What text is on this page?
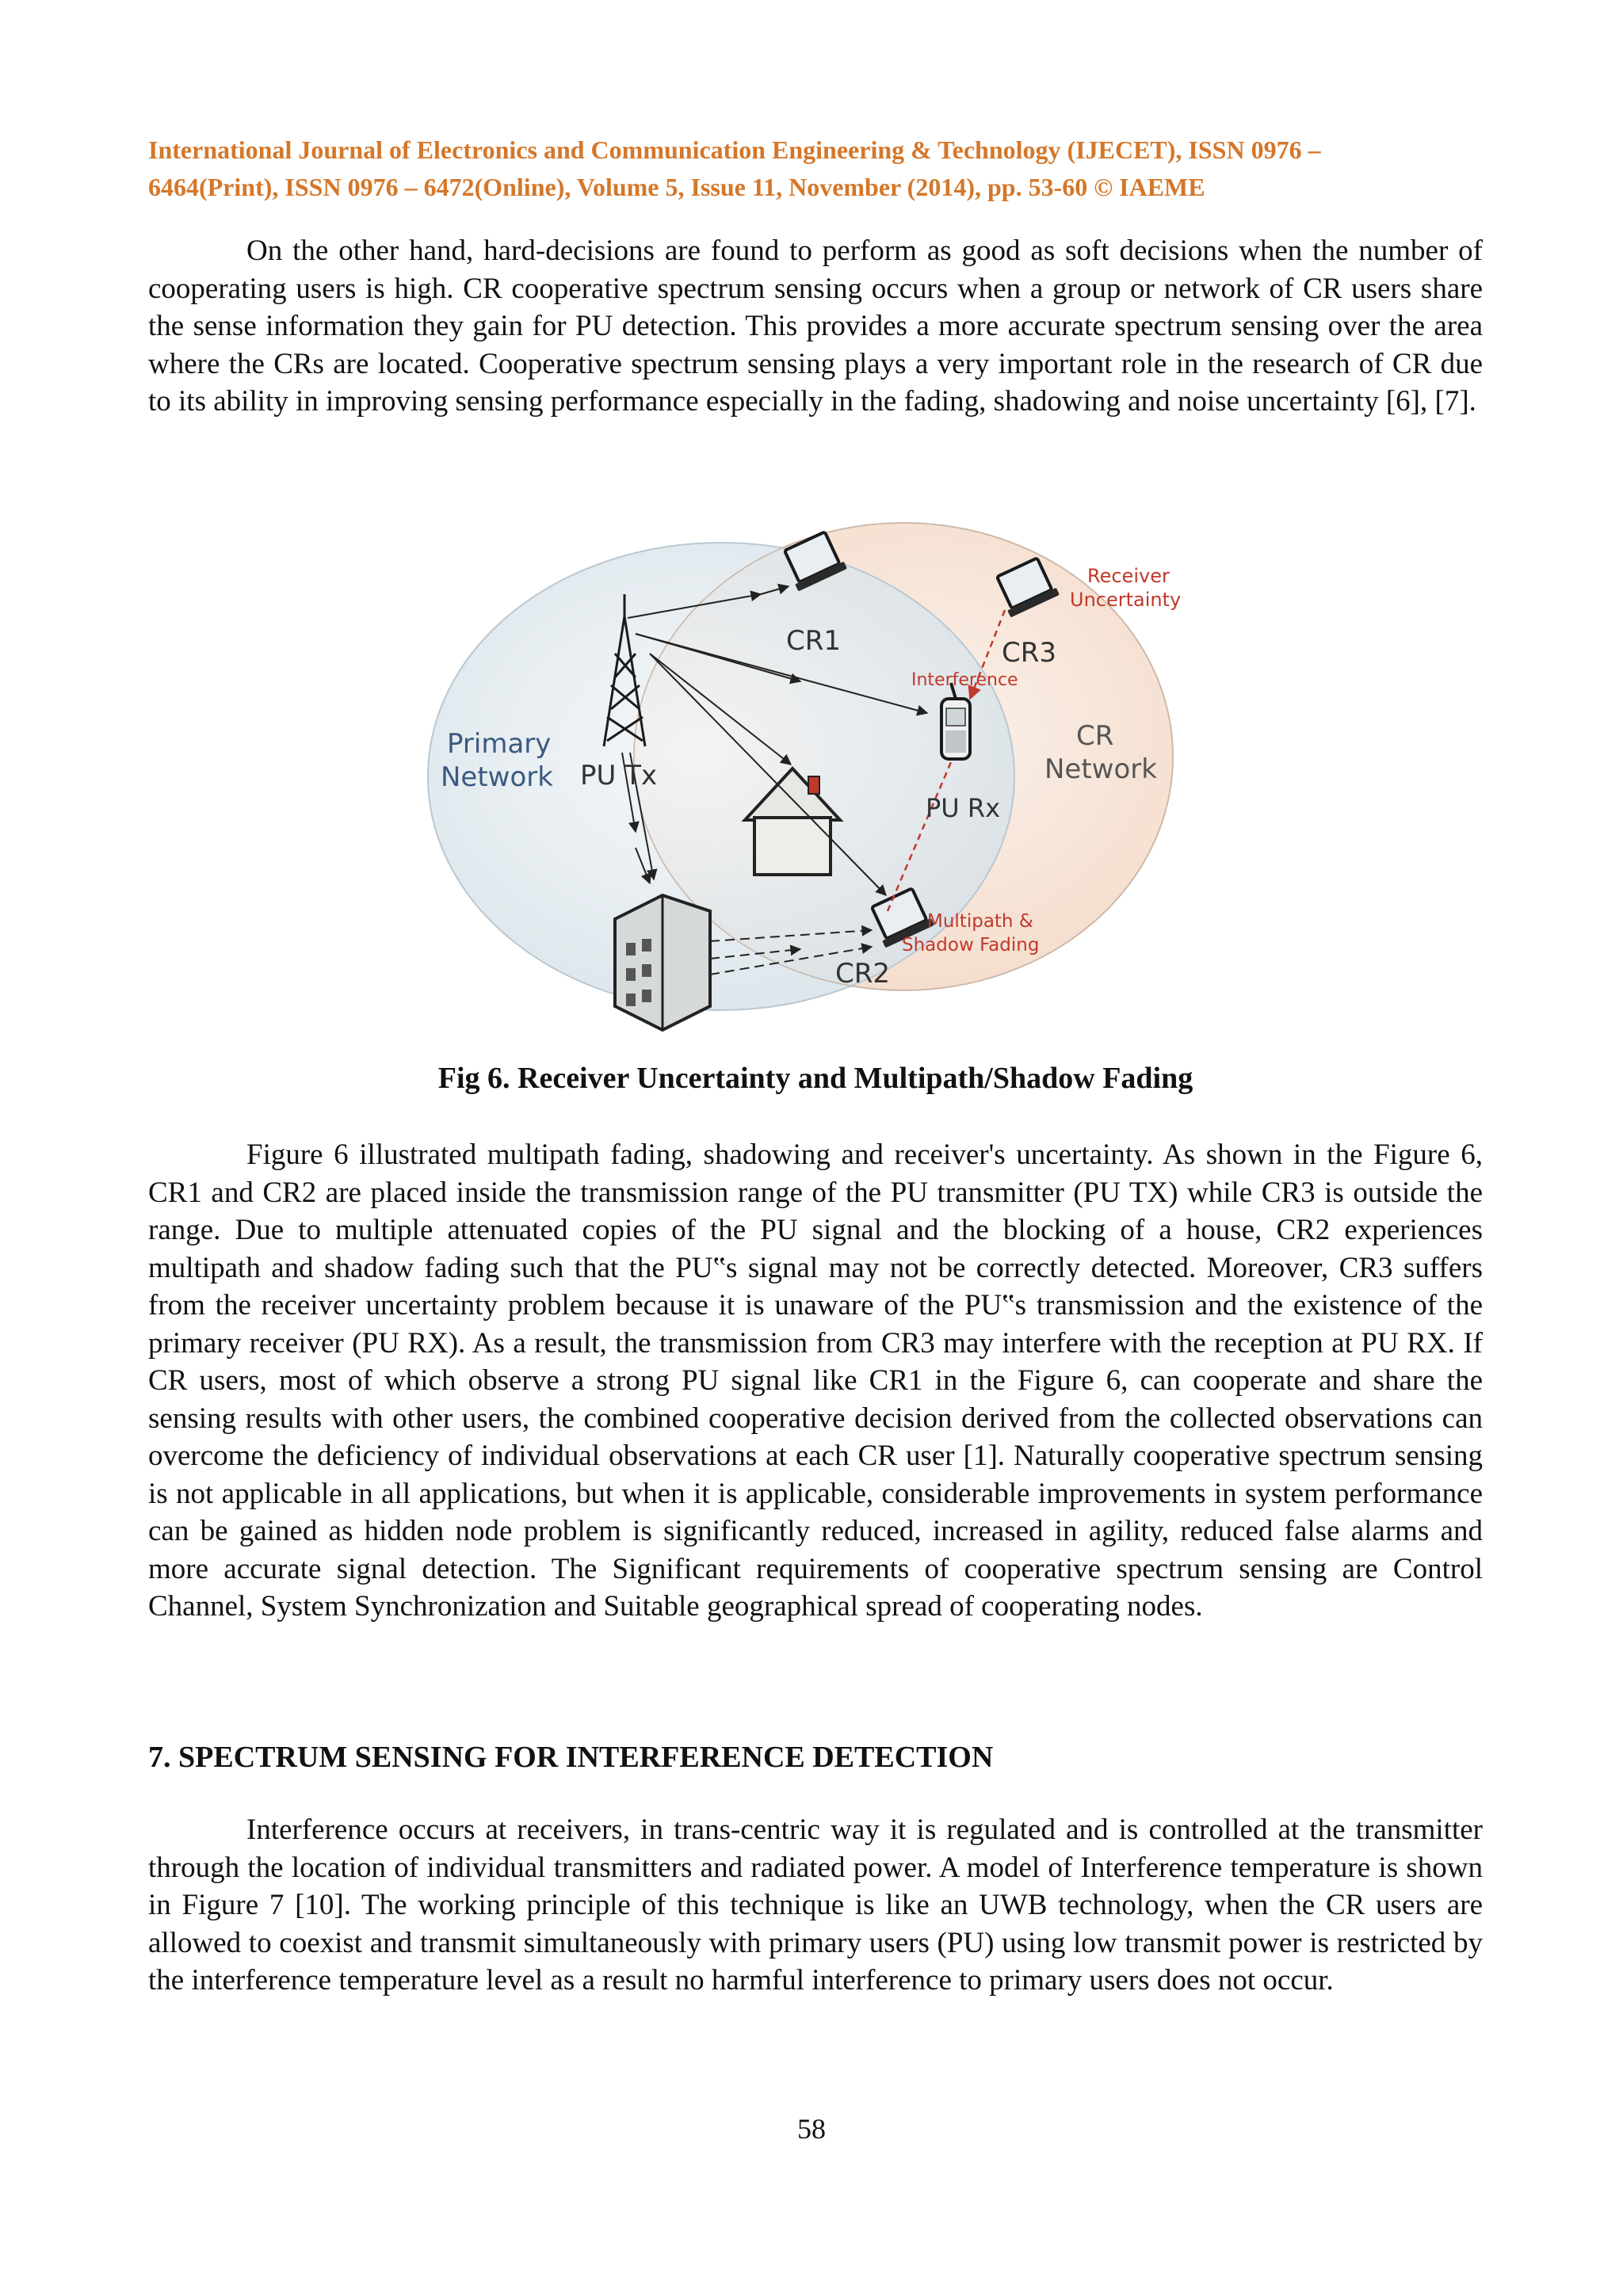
International Journal of Electronics and Communication Engineering & Technology (IJECET), ISSN 0976 –
6464(Print), ISSN 0976 – 6472(Online), Volume 5, Issue 11, November (2014), pp. 53-60 © IAEME

On the other hand, hard-decisions are found to perform as good as soft decisions when the number of cooperating users is high. CR cooperative spectrum sensing occurs when a group or network of CR users share the sense information they gain for PU detection. This provides a more accurate spectrum sensing over the area where the CRs are located. Cooperative spectrum sensing plays a very important role in the research of CR due to its ability in improving sensing performance especially in the fading, shadowing and noise uncertainty [6], [7].

Primary
Network PU Tx
CR1	CR3
CR2
PU Rx
CR
Network
Receiver
Uncertainty
Interference
Multipath &
Shadow Fading
Fig 6. Receiver Uncertainty and Multipath/Shadow Fading

Figure 6 illustrated multipath fading, shadowing and receiver's uncertainty. As shown in the Figure 6, CR1 and CR2 are placed inside the transmission range of the PU transmitter (PU TX) while CR3 is outside the range. Due to multiple attenuated copies of the PU signal and the blocking of a house, CR2 experiences multipath and shadow fading such that the PU‟s signal may not be correctly detected. Moreover, CR3 suffers from the receiver uncertainty problem because it is unaware of the PU‟s transmission and the existence of the primary receiver (PU RX). As a result, the transmission from CR3 may interfere with the reception at PU RX. If CR users, most of which observe a strong PU signal like CR1 in the Figure 6, can cooperate and share the sensing results with other users, the combined cooperative decision derived from the collected observations can overcome the deficiency of individual observations at each CR user [1]. Naturally cooperative spectrum sensing is not applicable in all applications, but when it is applicable, considerable improvements in system performance can be gained as hidden node problem is significantly reduced, increased in agility, reduced false alarms and more accurate signal detection. The Significant requirements of cooperative spectrum sensing are Control Channel, System Synchronization and Suitable geographical spread of cooperating nodes.

7. SPECTRUM SENSING FOR INTERFERENCE DETECTION

Interference occurs at receivers, in trans-centric way it is regulated and is controlled at the transmitter through the location of individual transmitters and radiated power. A model of Interference temperature is shown in Figure 7 [10]. The working principle of this technique is like an UWB technology, when the CR users are allowed to coexist and transmit simultaneously with primary users (PU) using low transmit power is restricted by the interference temperature level as a result no harmful interference to primary users does not occur.

58
